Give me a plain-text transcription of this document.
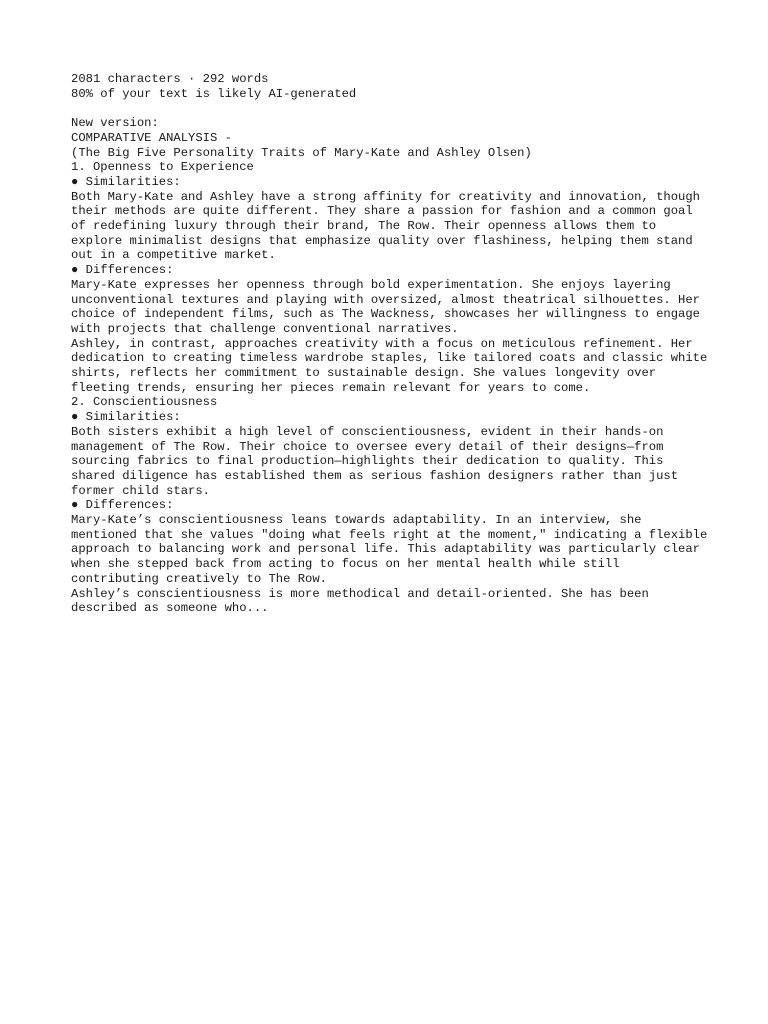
2081 characters · 292 words
80% of your text is likely AI-generated
New version:
COMPARATIVE ANALYSIS -
(The Big Five Personality Traits of Mary-Kate and Ashley Olsen)
1. Openness to Experience
● Similarities:
Both Mary-Kate and Ashley have a strong affinity for creativity and innovation, though their methods are quite different. They share a passion for fashion and a common goal of redefining luxury through their brand, The Row. Their openness allows them to explore minimalist designs that emphasize quality over flashiness, helping them stand out in a competitive market.
● Differences:
Mary-Kate expresses her openness through bold experimentation. She enjoys layering unconventional textures and playing with oversized, almost theatrical silhouettes. Her choice of independent films, such as The Wackness, showcases her willingness to engage with projects that challenge conventional narratives.
Ashley, in contrast, approaches creativity with a focus on meticulous refinement. Her dedication to creating timeless wardrobe staples, like tailored coats and classic white shirts, reflects her commitment to sustainable design. She values longevity over fleeting trends, ensuring her pieces remain relevant for years to come.
2. Conscientiousness
● Similarities:
Both sisters exhibit a high level of conscientiousness, evident in their hands-on management of The Row. Their choice to oversee every detail of their designs—from sourcing fabrics to final production—highlights their dedication to quality. This shared diligence has established them as serious fashion designers rather than just former child stars.
● Differences:
Mary-Kate’s conscientiousness leans towards adaptability. In an interview, she mentioned that she values "doing what feels right at the moment," indicating a flexible approach to balancing work and personal life. This adaptability was particularly clear when she stepped back from acting to focus on her mental health while still contributing creatively to The Row.
Ashley’s conscientiousness is more methodical and detail-oriented. She has been described as someone who...
